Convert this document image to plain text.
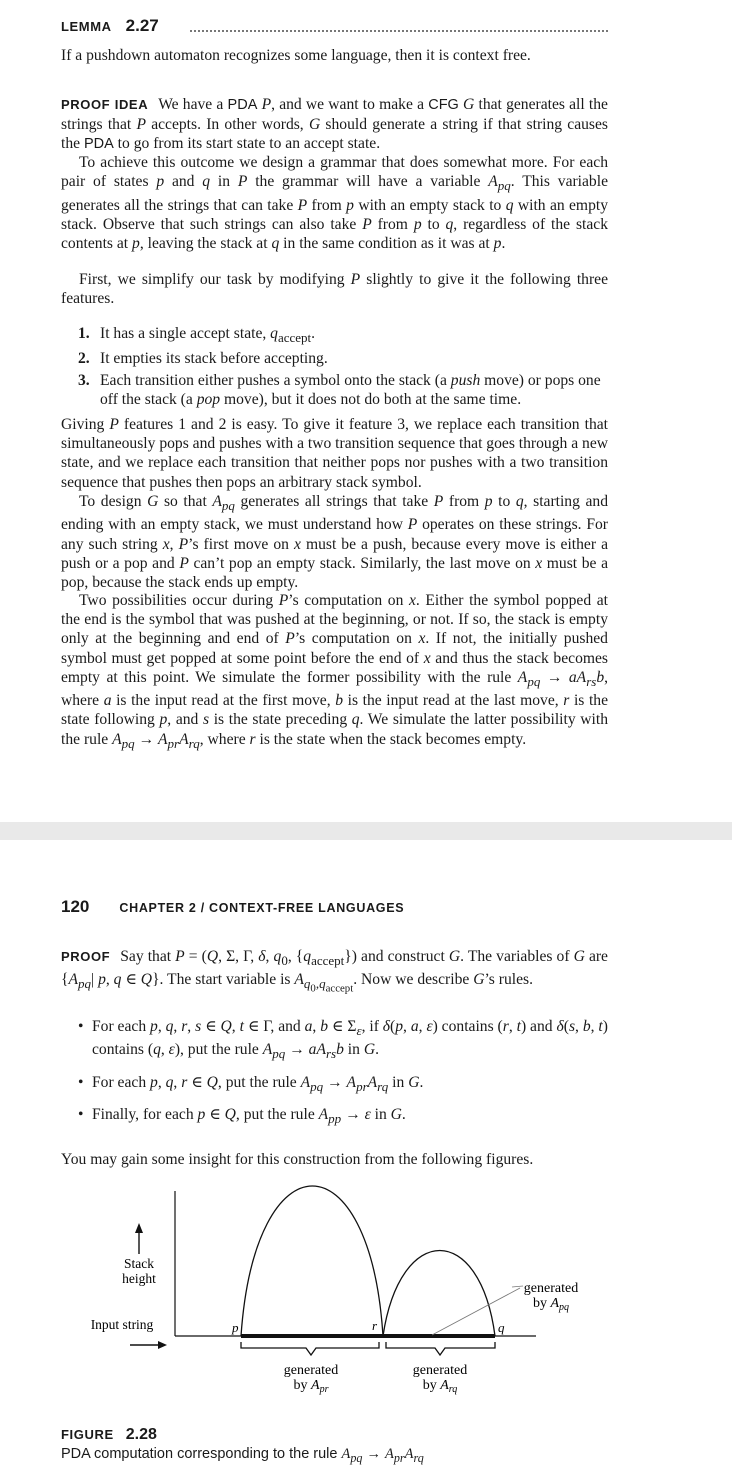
LEMMA 2.27

If a pushdown automaton recognizes some language, then it is context free.

PROOF IDEA We have a PDA P, and we want to make a CFG G that generates all the strings that P accepts. In other words, G should generate a string if that string causes the PDA to go from its start state to an accept state.

To achieve this outcome we design a grammar that does somewhat more. For each pair of states p and q in P the grammar will have a variable $A_{pq}$. This variable generates all the strings that can take P from p with an empty stack to q with an empty stack. Observe that such strings can also take P from p to q, regardless of the stack contents at p, leaving the stack at q in the same condition as it was at p.

First, we simplify our task by modifying P slightly to give it the following three features.

1. It has a single accept state, $q_{accept}$.
2. It empties its stack before accepting.
3. Each transition either pushes a symbol onto the stack (a push move) or pops one off the stack (a pop move), but it does not do both at the same time.

Giving P features 1 and 2 is easy. To give it feature 3, we replace each transition that simultaneously pops and pushes with a two transition sequence that goes through a new state, and we replace each transition that neither pops nor pushes with a two transition sequence that pushes then pops an arbitrary stack symbol.

To design G so that $A_{pq}$ generates all strings that take P from p to q, starting and ending with an empty stack, we must understand how P operates on these strings. For any such string x, P’s first move on x must be a push, because every move is either a push or a pop and P can’t pop an empty stack. Similarly, the last move on x must be a pop, because the stack ends up empty.

Two possibilities occur during P’s computation on x. Either the symbol popped at the end is the symbol that was pushed at the beginning, or not. If so, the stack is empty only at the beginning and end of P’s computation on x. If not, the initially pushed symbol must get popped at some point before the end of x and thus the stack becomes empty at this point. We simulate the former possibility with the rule $A_{pq} \to aA_{rs}b$, where a is the input read at the first move, b is the input read at the last move, r is the state following p, and s is the state preceding q. We simulate the latter possibility with the rule $A_{pq} \to A_{pr}A_{rq}$, where r is the state when the stack becomes empty.

120 CHAPTER 2 / CONTEXT-FREE LANGUAGES

PROOF Say that P = (Q, Σ, Γ, δ, $q_0$, $\{q_{accept}\}$) and construct G. The variables of G are {$A_{pq}|$ p, q ∈ Q}. The start variable is $A_{q_0,q_{accept}}$. Now we describe G’s rules.

• For each p, q, r, s ∈ Q, t ∈ Γ, and a, b ∈ $\Sigma_\varepsilon$, if δ(p, a, ε) contains (r, t) and δ(s, b, t) contains (q, ε), put the rule $A_{pq} \to aA_{rs}b$ in G.
• For each p, q, r ∈ Q, put the rule $A_{pq} \to A_{pr}A_{rq}$ in G.
• Finally, for each p ∈ Q, put the rule $A_{pp} \to \varepsilon$ in G.

You may gain some insight for this construction from the following figures.

Stack
height
Input string	p	r	q
generated
by $A_{pq}$
generated
by $A_{pr}$
generated
by $A_{rq}$
FIGURE 2.28
PDA computation corresponding to the rule $A_{pq} \to A_{pr}A_{rq}$
